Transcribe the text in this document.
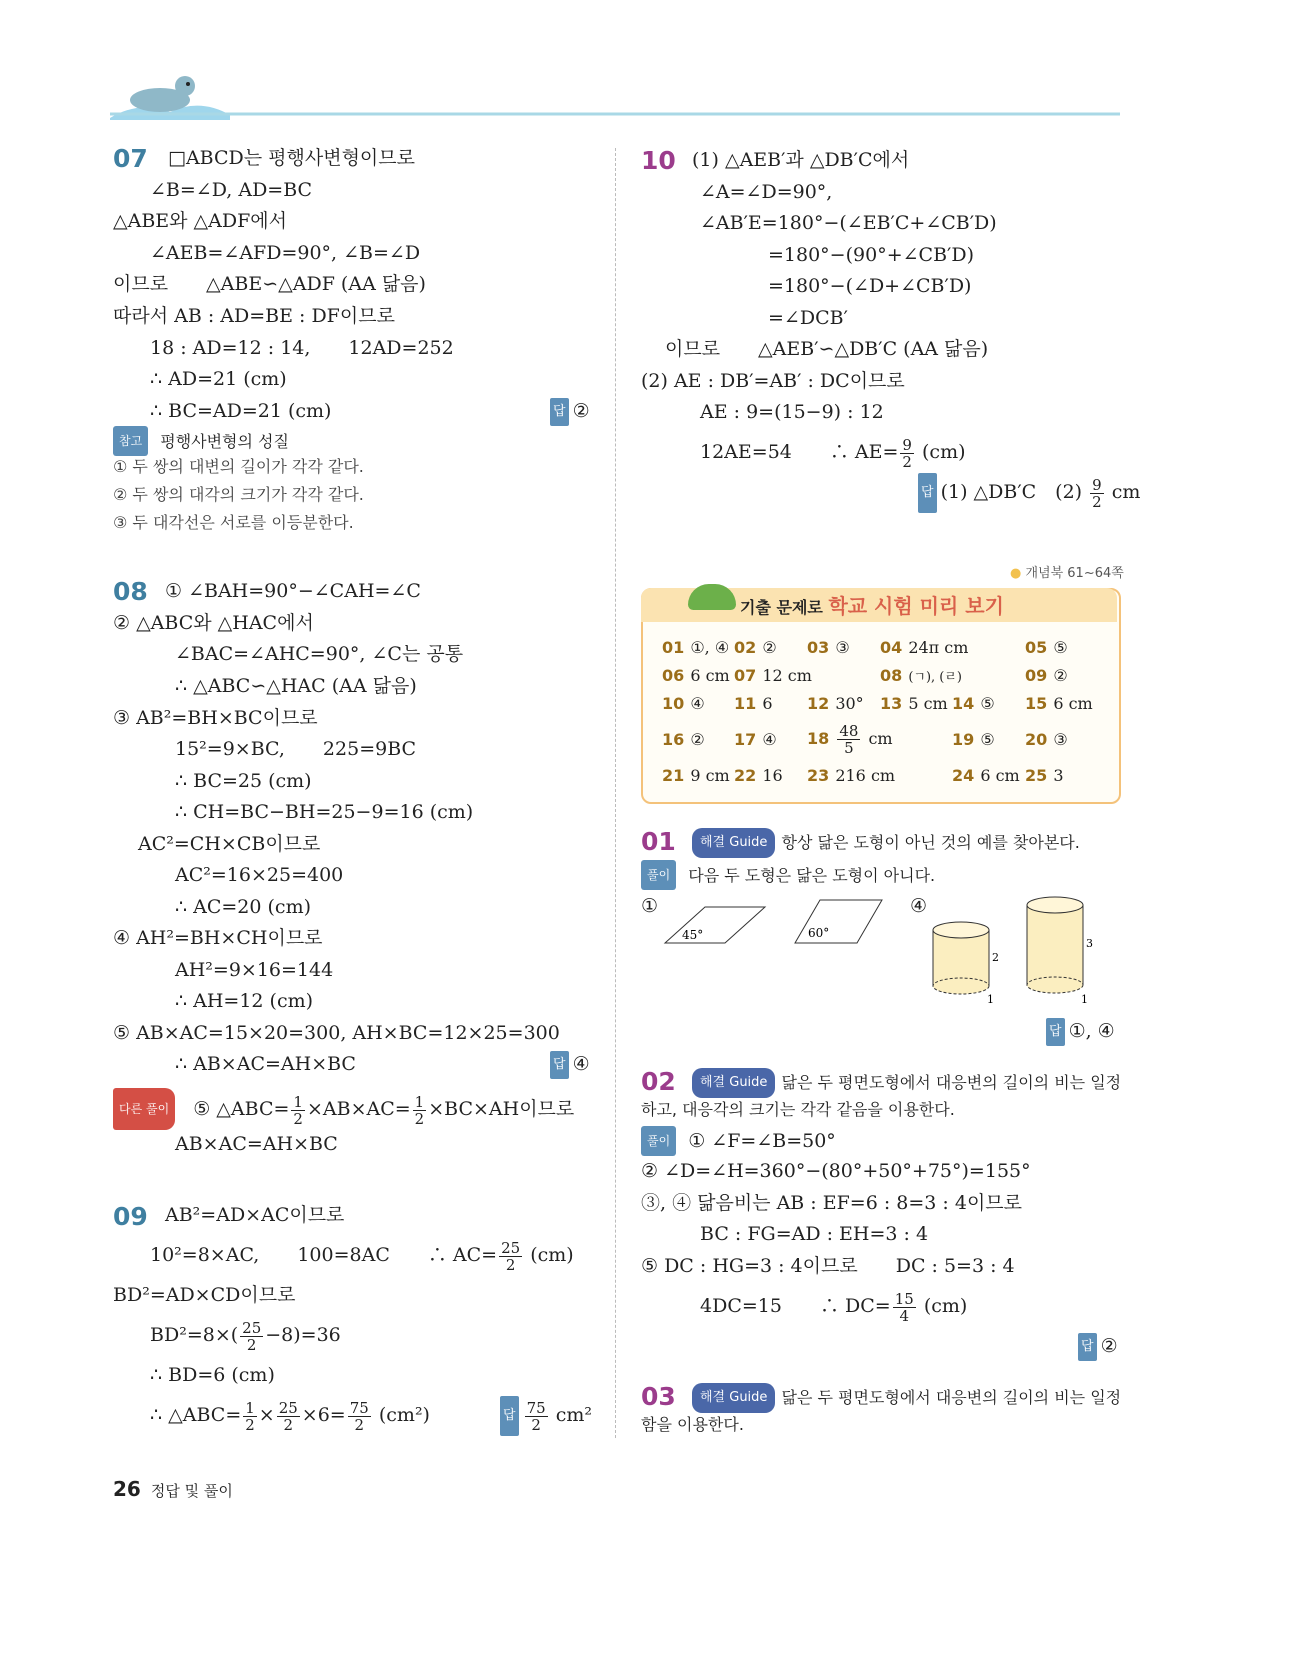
07 □ABCD는 평행사변형이므로
∠B=∠D, AD=BC
△ABE와 △ADF에서
∠AEB=∠AFD=90°, ∠B=∠D
이므로　　△ABE∽△ADF (AA 닮음)
따라서 AB : AD=BE : DF이므로
18 : AD=12 : 14,　　12AD=252
∴ AD=21 (cm)
∴ BC=AD=21 (cm)	답 ②
참고 평행사변형의 성질
① 두 쌍의 대변의 길이가 각각 같다.
② 두 쌍의 대각의 크기가 각각 같다.
③ 두 대각선은 서로를 이등분한다.
08 ① ∠BAH=90°−∠CAH=∠C
② △ABC와 △HAC에서
∠BAC=∠AHC=90°, ∠C는 공통
∴ △ABC∽△HAC (AA 닮음)
③ AB²=BH×BC이므로
15²=9×BC,　　225=9BC
∴ BC=25 (cm)
∴ CH=BC−BH=25−9=16 (cm)
AC²=CH×CB이므로
AC²=16×25=400
∴ AC=20 (cm)
④ AH²=BH×CH이므로
AH²=9×16=144
∴ AH=12 (cm)
⑤ AB×AC=15×20=300, AH×BC=12×25=300
∴ AB×AC=AH×BC	답 ④
다른 풀이 ⑤ △ABC= $\frac{1}{2} \times AB\times AC= \frac{1}{2} \times BC\times AH$이므로
AB×AC=AH×BC
09 AB²=AD×AC이므로
10²=8×AC,　　100=8AC　　∴ $AC= \frac{25}{2} (cm)$
BD²=AD×CD이므로
$BD^2=8\times( \frac{25}{2} -8)=36$
∴ BD=6 (cm)
∴ △ABC= $\frac{1}{2} \times \frac{25}{2} \times 6= \frac{75}{2} (cm^2)$	답 $\frac{75}{2} cm^2$
26 정답 및 풀이
10 (1) △AEB′과 △DB′C에서
∠A=∠D=90°,
∠AB′E=180°−(∠EB′C+∠CB′D)
=180°−(90°+∠CB′D)
=180°−(∠D+∠CB′D)
=∠DCB′
이므로　　△AEB′∽△DB′C (AA 닮음)
(2) AE : DB′=AB′ : DC이므로
AE : 9=(15−9) : 12
12AE=54　　∴ $AE= \frac{9}{2} (cm)$
답 (1) △DB′C　$(2) \frac{9}{2}$ cm
● 개념북 61~64쪽
기출 문제로 학교 시험 미리 보기
01 ①, ④ 02 ② 03 ③ 04 24π cm	05 ⑤
06 6 cm 07 12 cm	08 (ㄱ), (ㄹ)	09 ②
10 ④ 11 6 12 30° 13 5 cm 14 ⑤ 15 6 cm
16 ② 17 ④ $18 \frac{48}{5}$ cm	19 ⑤ 20 ③
21 9 cm 22 16 23 216 cm	24 6 cm 25 3
01	해결 Guide 항상 닮은 도형이 아닌 것의 예를 찾아본다.
풀이 다음 두 도형은 닮은 도형이 아니다.
①	④
45°	60°
2
1
3
1
답 ①, ④
02	해결 Guide 닮은 두 평면도형에서 대응변의 길이의 비는 일정
하고, 대응각의 크기는 각각 같음을 이용한다.
풀이 ① ∠F=∠B=50°
② ∠D=∠H=360°−(80°+50°+75°)=155°
③, ④ 닮음비는 AB : EF=6 : 8=3 : 4이므로
BC : FG=AD : EH=3 : 4
⑤ DC : HG=3 : 4이므로　　DC : 5=3 : 4
4DC=15　　∴ $DC= \frac{15}{4} (cm)$
답 ②
03	해결 Guide 닮은 두 평면도형에서 대응변의 길이의 비는 일정
함을 이용한다.
